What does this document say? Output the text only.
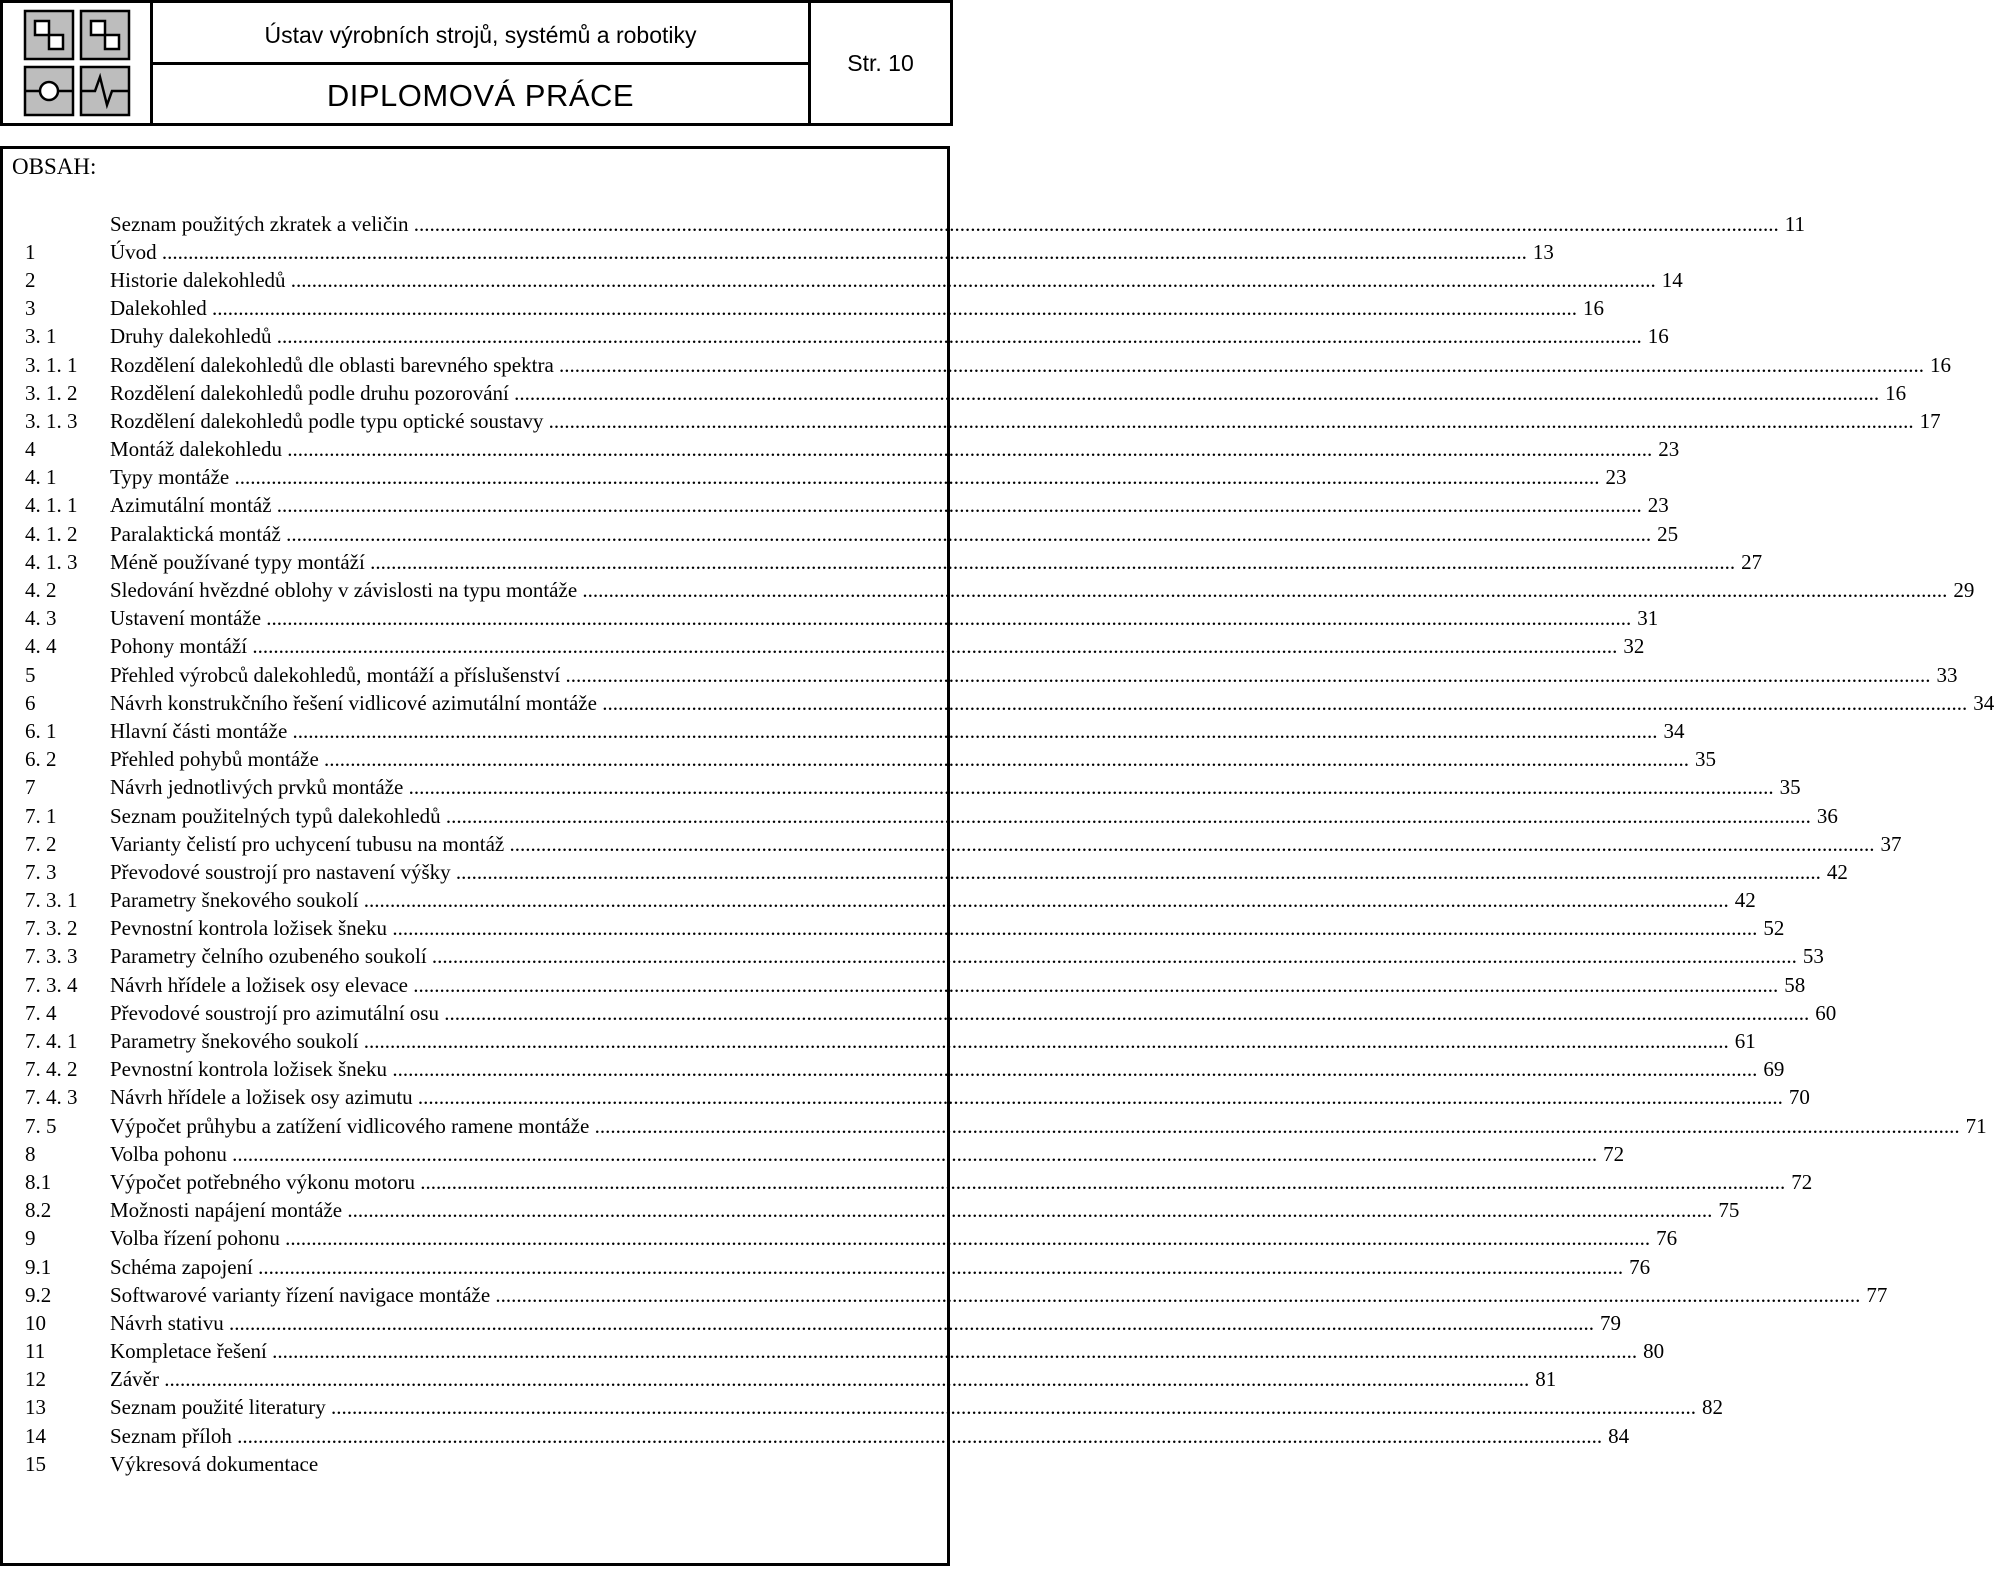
Ústav výrobních strojů, systémů a robotiky
DIPLOMOVÁ PRÁCE
Str. 10
OBSAH:
Seznam použitých zkratek a veličin .................................................................................................................................................................................................................................................................... 11
1	Úvod .................................................................................................................................................................................................................................................................... 13
2	Historie dalekohledů .................................................................................................................................................................................................................................................................... 14
3	Dalekohled .................................................................................................................................................................................................................................................................... 16
3. 1	Druhy dalekohledů .................................................................................................................................................................................................................................................................... 16
3. 1. 1	Rozdělení dalekohledů dle oblasti barevného spektra .................................................................................................................................................................................................................................................................... 16
3. 1. 2	Rozdělení dalekohledů podle druhu pozorování .................................................................................................................................................................................................................................................................... 16
3. 1. 3	Rozdělení dalekohledů podle typu optické soustavy .................................................................................................................................................................................................................................................................... 17
4	Montáž dalekohledu .................................................................................................................................................................................................................................................................... 23
4. 1	Typy montáže .................................................................................................................................................................................................................................................................... 23
4. 1. 1	Azimutální montáž .................................................................................................................................................................................................................................................................... 23
4. 1. 2	Paralaktická montáž .................................................................................................................................................................................................................................................................... 25
4. 1. 3	Méně používané typy montáží .................................................................................................................................................................................................................................................................... 27
4. 2	Sledování hvězdné oblohy v závislosti na typu montáže .................................................................................................................................................................................................................................................................... 29
4. 3	Ustavení montáže .................................................................................................................................................................................................................................................................... 31
4. 4	Pohony montáží .................................................................................................................................................................................................................................................................... 32
5	Přehled výrobců dalekohledů, montáží a příslušenství .................................................................................................................................................................................................................................................................... 33
6	Návrh konstrukčního řešení vidlicové azimutální montáže .................................................................................................................................................................................................................................................................... 34
6. 1	Hlavní části montáže .................................................................................................................................................................................................................................................................... 34
6. 2	Přehled pohybů montáže .................................................................................................................................................................................................................................................................... 35
7	Návrh jednotlivých prvků montáže .................................................................................................................................................................................................................................................................... 35
7. 1	Seznam použitelných typů dalekohledů .................................................................................................................................................................................................................................................................... 36
7. 2	Varianty čelistí pro uchycení tubusu na montáž .................................................................................................................................................................................................................................................................... 37
7. 3	Převodové soustrojí pro nastavení výšky .................................................................................................................................................................................................................................................................... 42
7. 3. 1	Parametry šnekového soukolí .................................................................................................................................................................................................................................................................... 42
7. 3. 2	Pevnostní kontrola ložisek šneku .................................................................................................................................................................................................................................................................... 52
7. 3. 3	Parametry čelního ozubeného soukolí .................................................................................................................................................................................................................................................................... 53
7. 3. 4	Návrh hřídele a ložisek osy elevace .................................................................................................................................................................................................................................................................... 58
7. 4	Převodové soustrojí pro azimutální osu .................................................................................................................................................................................................................................................................... 60
7. 4. 1	Parametry šnekového soukolí .................................................................................................................................................................................................................................................................... 61
7. 4. 2	Pevnostní kontrola ložisek šneku .................................................................................................................................................................................................................................................................... 69
7. 4. 3	Návrh hřídele a ložisek osy azimutu .................................................................................................................................................................................................................................................................... 70
7. 5	Výpočet průhybu a zatížení vidlicového ramene montáže .................................................................................................................................................................................................................................................................... 71
8	Volba pohonu .................................................................................................................................................................................................................................................................... 72
8.1	Výpočet potřebného výkonu motoru .................................................................................................................................................................................................................................................................... 72
8.2	Možnosti napájení montáže .................................................................................................................................................................................................................................................................... 75
9	Volba řízení pohonu .................................................................................................................................................................................................................................................................... 76
9.1	Schéma zapojení .................................................................................................................................................................................................................................................................... 76
9.2	Softwarové varianty řízení navigace montáže .................................................................................................................................................................................................................................................................... 77
10	Návrh stativu .................................................................................................................................................................................................................................................................... 79
11	Kompletace řešení .................................................................................................................................................................................................................................................................... 80
12	Závěr .................................................................................................................................................................................................................................................................... 81
13	Seznam použité literatury .................................................................................................................................................................................................................................................................... 82
14	Seznam příloh .................................................................................................................................................................................................................................................................... 84
15	Výkresová dokumentace
